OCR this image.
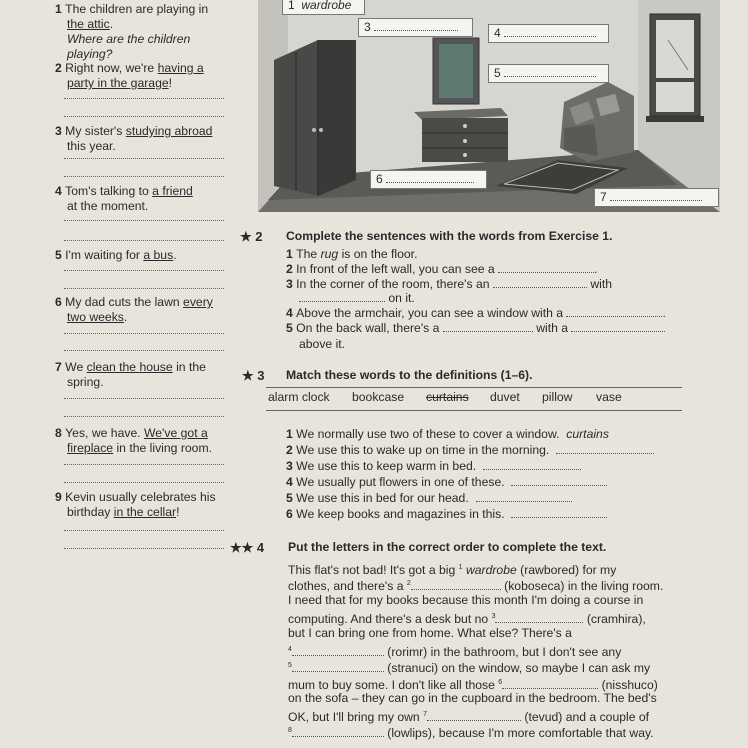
1 The children are playing in
the attic.
Where are the children
playing?
2 Right now, we're having a
party in the garage!
3 My sister's studying abroad
this year.
4 Tom's talking to a friend
at the moment.
5 I'm waiting for a bus.
6 My dad cuts the lawn every
two weeks.
7 We clean the house in the
spring.
8 Yes, we have. We've got a
fireplace in the living room.
9 Kevin usually celebrates his
birthday in the cellar!
1 wardrobe
3	4
5
6
7
★ 2 Complete the sentences with the words from Exercise 1.
1 The rug is on the floor.
2 In front of the left wall, you can see a	.
3 In the corner of the room, there's an	with
on it.
4 Above the armchair, you can see a window with a	.
5 On the back wall, there's a	with a
above it.
★ 3 Match these words to the definitions (1–6).
alarm clock bookcase curtains duvet pillow vase
1 We normally use two of these to cover a window. curtains
2 We use this to wake up on time in the morning.
3 We use this to keep warm in bed.
4 We usually put flowers in one of these.
5 We use this in bed for our head.
6 We keep books and magazines in this.
★★ 4 Put the letters in the correct order to complete the text.
This flat's not bad! It's got a big $^1$ wardrobe (rawbored) for my
clothes, and there's a $^2$	(koboseca) in the living room.
I need that for my books because this month I'm doing a course in
computing. And there's a desk but no $^3$	(cramhira),
but I can bring one from home. What else? There's a
$^4$	(rorimr) in the bathroom, but I don't see any
$^5$	(stranuci) on the window, so maybe I can ask my
mum to buy some. I don't like all those $^6$	(nisshuco)
on the sofa – they can go in the cupboard in the bedroom. The bed's
OK, but I'll bring my own $^7$	(tevud) and a couple of
$^8$	(lowlips), because I'm more comfortable that way.
